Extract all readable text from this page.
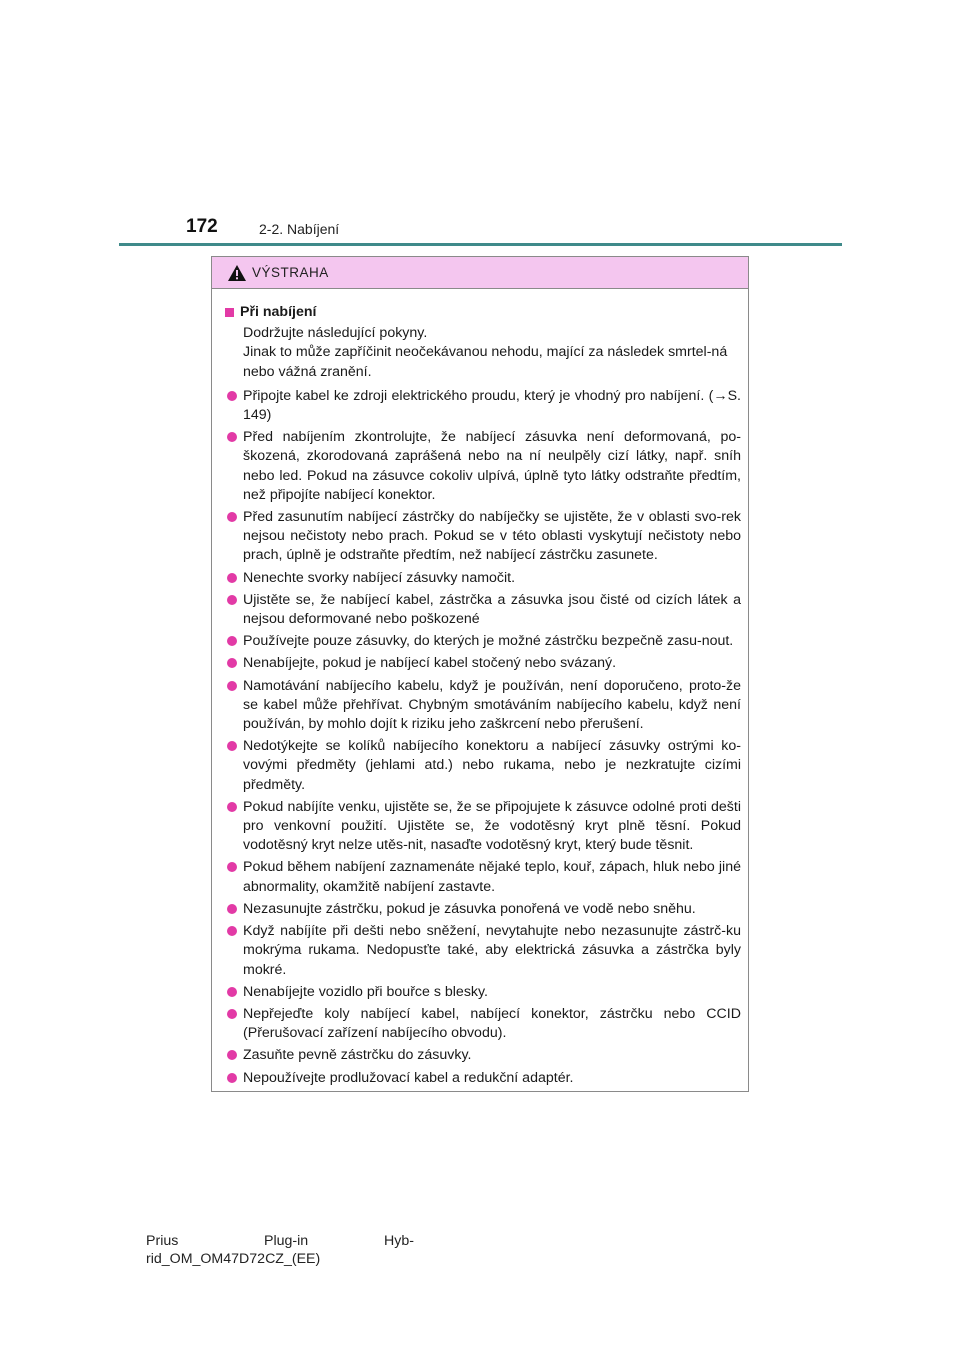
172	2-2. Nabíjení
VÝSTRAHA
Při nabíjení

Dodržujte následující pokyny.

Jinak to může zapříčinit neočekávanou nehodu, mající za následek smrtel-ná nebo vážná zranění.

Připojte kabel ke zdroji elektrického proudu, který je vhodný pro nabíjení. (→S. 149)
Před nabíjením zkontrolujte, že nabíjecí zásuvka není deformovaná, po-škozená, zkorodovaná zaprášená nebo na ní neulpěly cizí látky, např. sníh nebo led. Pokud na zásuvce cokoliv ulpívá, úplně tyto látky odstraňte předtím, než připojíte nabíjecí konektor.
Před zasunutím nabíjecí zástrčky do nabíječky se ujistěte, že v oblasti svo-rek nejsou nečistoty nebo prach. Pokud se v této oblasti vyskytují nečistoty nebo prach, úplně je odstraňte předtím, než nabíjecí zástrčku zasunete.
Nenechte svorky nabíjecí zásuvky namočit.
Ujistěte se, že nabíjecí kabel, zástrčka a zásuvka jsou čisté od cizích látek a nejsou deformované nebo poškozené
Používejte pouze zásuvky, do kterých je možné zástrčku bezpečně zasu-nout.
Nenabíjejte, pokud je nabíjecí kabel stočený nebo svázaný.
Namotávání nabíjecího kabelu, když je používán, není doporučeno, proto-že se kabel může přehřívat. Chybným smotáváním nabíjecího kabelu, když není používán, by mohlo dojít k riziku jeho zaškrcení nebo přerušení.
Nedotýkejte se kolíků nabíjecího konektoru a nabíjecí zásuvky ostrými ko-vovými předměty (jehlami atd.) nebo rukama, nebo je nezkratujte cizími předměty.
Pokud nabíjíte venku, ujistěte se, že se připojujete k zásuvce odolné proti dešti pro venkovní použití. Ujistěte se, že vodotěsný kryt plně těsní. Pokud vodotěsný kryt nelze utěs-nit, nasaďte vodotěsný kryt, který bude těsnit.
Pokud během nabíjení zaznamenáte nějaké teplo, kouř, zápach, hluk nebo jiné abnormality, okamžitě nabíjení zastavte.
Nezasunujte zástrčku, pokud je zásuvka ponořená ve vodě nebo sněhu.
Když nabíjíte při dešti nebo sněžení, nevytahujte nebo nezasunujte zástrč-ku mokrýma rukama. Nedopusťte také, aby elektrická zásuvka a zástrčka byly mokré.
Nenabíjejte vozidlo při bouřce s blesky.
Nepřejeďte koly nabíjecí kabel, nabíjecí konektor, zástrčku nebo CCID (Přerušovací zařízení nabíjecího obvodu).
Zasuňte pevně zástrčku do zásuvky.
Nepoužívejte prodlužovací kabel a redukční adaptér.
Prius	Plug-in	Hyb-
rid_OM_OM47D72CZ_(EE)
